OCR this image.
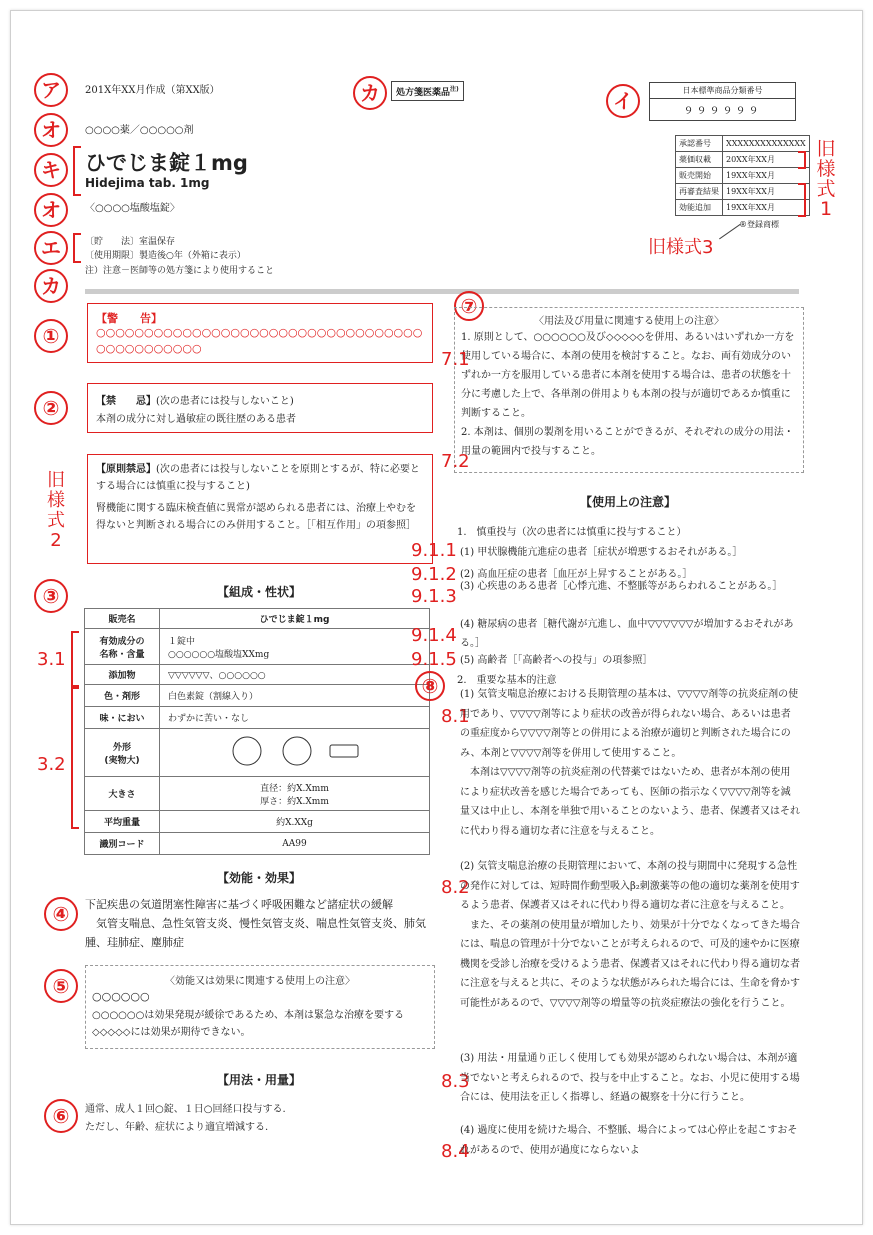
ア
オ
キ
オ
エ
カ
カ	イ
201X年XX月作成（第XX版）	処方箋医薬品$^{注)}$	日本標準商品分類番号
９９９９９９
○○○○薬／○○○○○剤
ひでじま錠１mg
Hidejima tab. 1mg
〈○○○○塩酸塩錠〉
〔貯　　法〕室温保存
〔使用期限〕製造後○年（外箱に表示）
注）注意－医師等の処方箋により使用すること
承認番号	XXXXXXXXXXXXXX
薬価収載	20XX年XX月
販売開始	19XX年XX月
再審査結果	19XX年XX月
効能追加	19XX年XX月
旧様式1
®登録商標
旧様式3
①
【警　　告】
○○○○○○○○○○○○○○○○○○○○○○○○○○○○○○○○○○○○○○○○○○○○○
②	【禁　　忌】(次の患者には投与しないこと)
本剤の成分に対し過敏症の既往歴のある患者
旧様式2
【原則禁忌】(次の患者には投与しないことを原則とするが、特に必要とする場合には慎重に投与すること)
腎機能に関する臨床検査値に異常が認められる患者には、治療上やむを得ないと判断される場合にのみ併用すること。［「相互作用」の項参照］
③	【組成・性状】
販売名	ひでじま錠１mg
有効成分の
名称・含量	１錠中
○○○○○○塩酸塩XXmg
添加物	▽▽▽▽▽▽、○○○○○○
色・剤形	白色素錠（割線入り）
味・におい	わずかに苦い・なし
外形
(実物大)	
大きさ	直径：約X.Xmm
厚さ：約X.Xmm
平均重量	約X.XXg
識別コード	AA99
3.1
3.2
【効能・効果】
④	下記疾患の気道閉塞性障害に基づく呼吸困難など諸症状の緩解
　気管支喘息、急性気管支炎、慢性気管支炎、喘息性気管支炎、肺気腫、珪肺症、塵肺症
⑤	〈効能又は効果に関連する使用上の注意〉
○○○○○○
○○○○○○は効果発現が緩徐であるため、本剤は緊急な治療を要する◇◇◇◇◇には効果が期待できない。
【用法・用量】
⑥	通常、成人１回○錠、１日○回経口投与する.
ただし、年齢、症状により適宜増減する.
⑦
〈用法及び用量に関連する使用上の注意〉
1. 原則として、○○○○○○及び◇◇◇◇◇を併用、あるいはいずれか一方を使用している場合に、本剤の使用を検討すること。なお、両有効成分のいずれか一方を服用している患者に本剤を使用する場合は、患者の状態を十分に考慮した上で、各単剤の併用よりも本剤の投与が適切であるか慎重に判断すること。
2. 本剤は、個別の製剤を用いることができるが、それぞれの成分の用法・用量の範囲内で投与すること。
7.1
7.2
【使用上の注意】
1.　慎重投与（次の患者には慎重に投与すること）
9.1.1 (1) 甲状腺機能亢進症の患者［症状が増悪するおそれがある。］
9.1.2 (2) 高血圧症の患者［血圧が上昇することがある。］
9.1.3 (3) 心疾患のある患者［心悸亢進、不整脈等があらわれることがある。］
9.1.4
(4) 糖尿病の患者［糖代謝が亢進し、血中▽▽▽▽▽▽が増加するおそれがある。］
9.1.5 (5) 高齢者［「高齢者への投与」の項参照］
⑧	2.　重要な基本的注意
8.1
(1) 気管支喘息治療における長期管理の基本は、▽▽▽▽剤等の抗炎症剤の使用であり、▽▽▽▽剤等により症状の改善が得られない場合、あるいは患者の重症度から▽▽▽▽剤等との併用による治療が適切と判断された場合にのみ、本剤と▽▽▽▽剤等を併用して使用すること。
　本剤は▽▽▽▽剤等の抗炎症剤の代替薬ではないため、患者が本剤の使用により症状改善を感じた場合であっても、医師の指示なく▽▽▽▽剤等を減量又は中止し、本剤を単独で用いることのないよう、患者、保護者又はそれに代わり得る適切な者に注意を与えること。
8.2
(2) 気管支喘息治療の長期管理において、本剤の投与期間中に発現する急性の発作に対しては、短時間作動型吸入β₂刺激薬等の他の適切な薬剤を使用するよう患者、保護者又はそれに代わり得る適切な者に注意を与えること。
　また、その薬剤の使用量が増加したり、効果が十分でなくなってきた場合には、喘息の管理が十分でないことが考えられるので、可及的速やかに医療機関を受診し治療を受けるよう患者、保護者又はそれに代わり得る適切な者に注意を与えると共に、そのような状態がみられた場合には、生命を脅かす可能性があるので、▽▽▽▽剤等の増量等の抗炎症療法の強化を行うこと。
8.3
(3) 用法・用量通り正しく使用しても効果が認められない場合は、本剤が適当でないと考えられるので、投与を中止すること。なお、小児に使用する場合には、使用法を正しく指導し、経過の観察を十分に行うこと。
8.4
(4) 過度に使用を続けた場合、不整脈、場合によっては心停止を起こすおそれがあるので、使用が過度にならないよ
